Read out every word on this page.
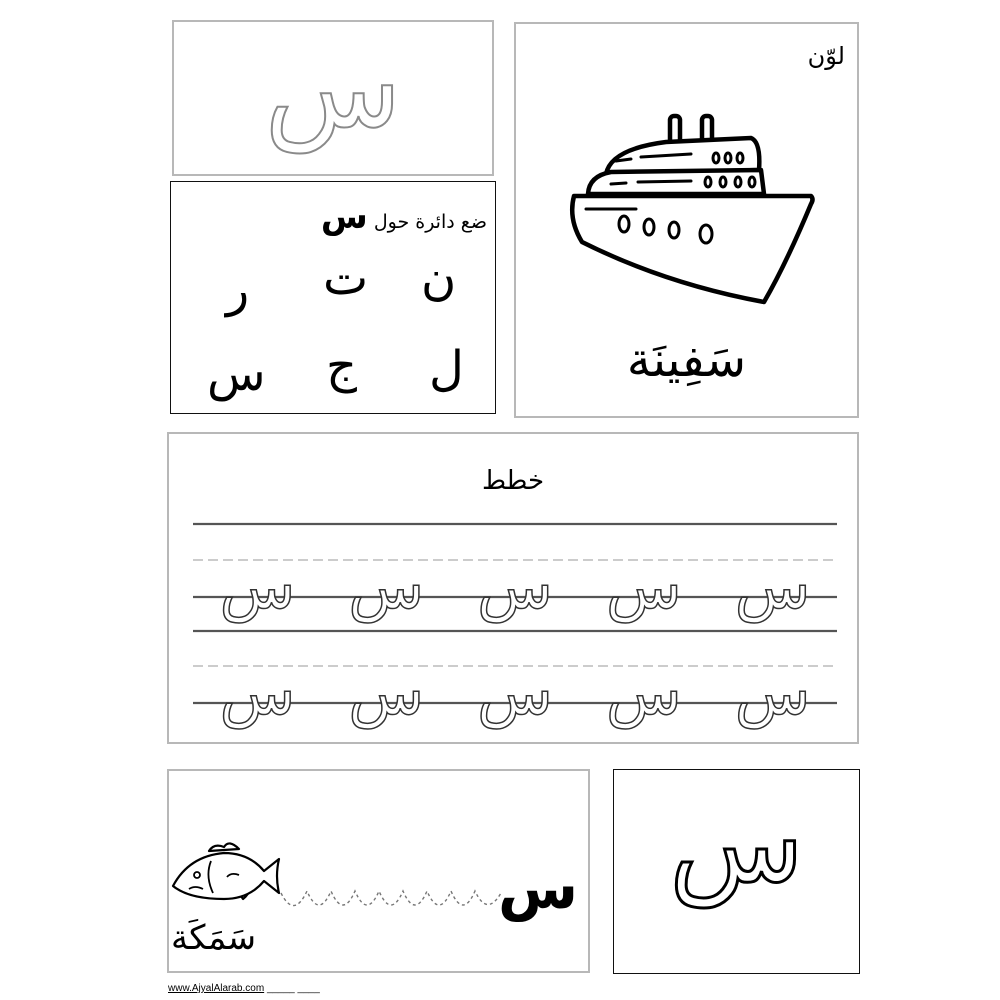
س
ضع دائرة حول س
ن
ت
ر
ل
ج
س
لوّن
سَفِينَة
خطط
س
س
س
س
س
س
س
س
س
س
س
سَمَكَة
س
www.AjyalAlarab.com _____ ____
